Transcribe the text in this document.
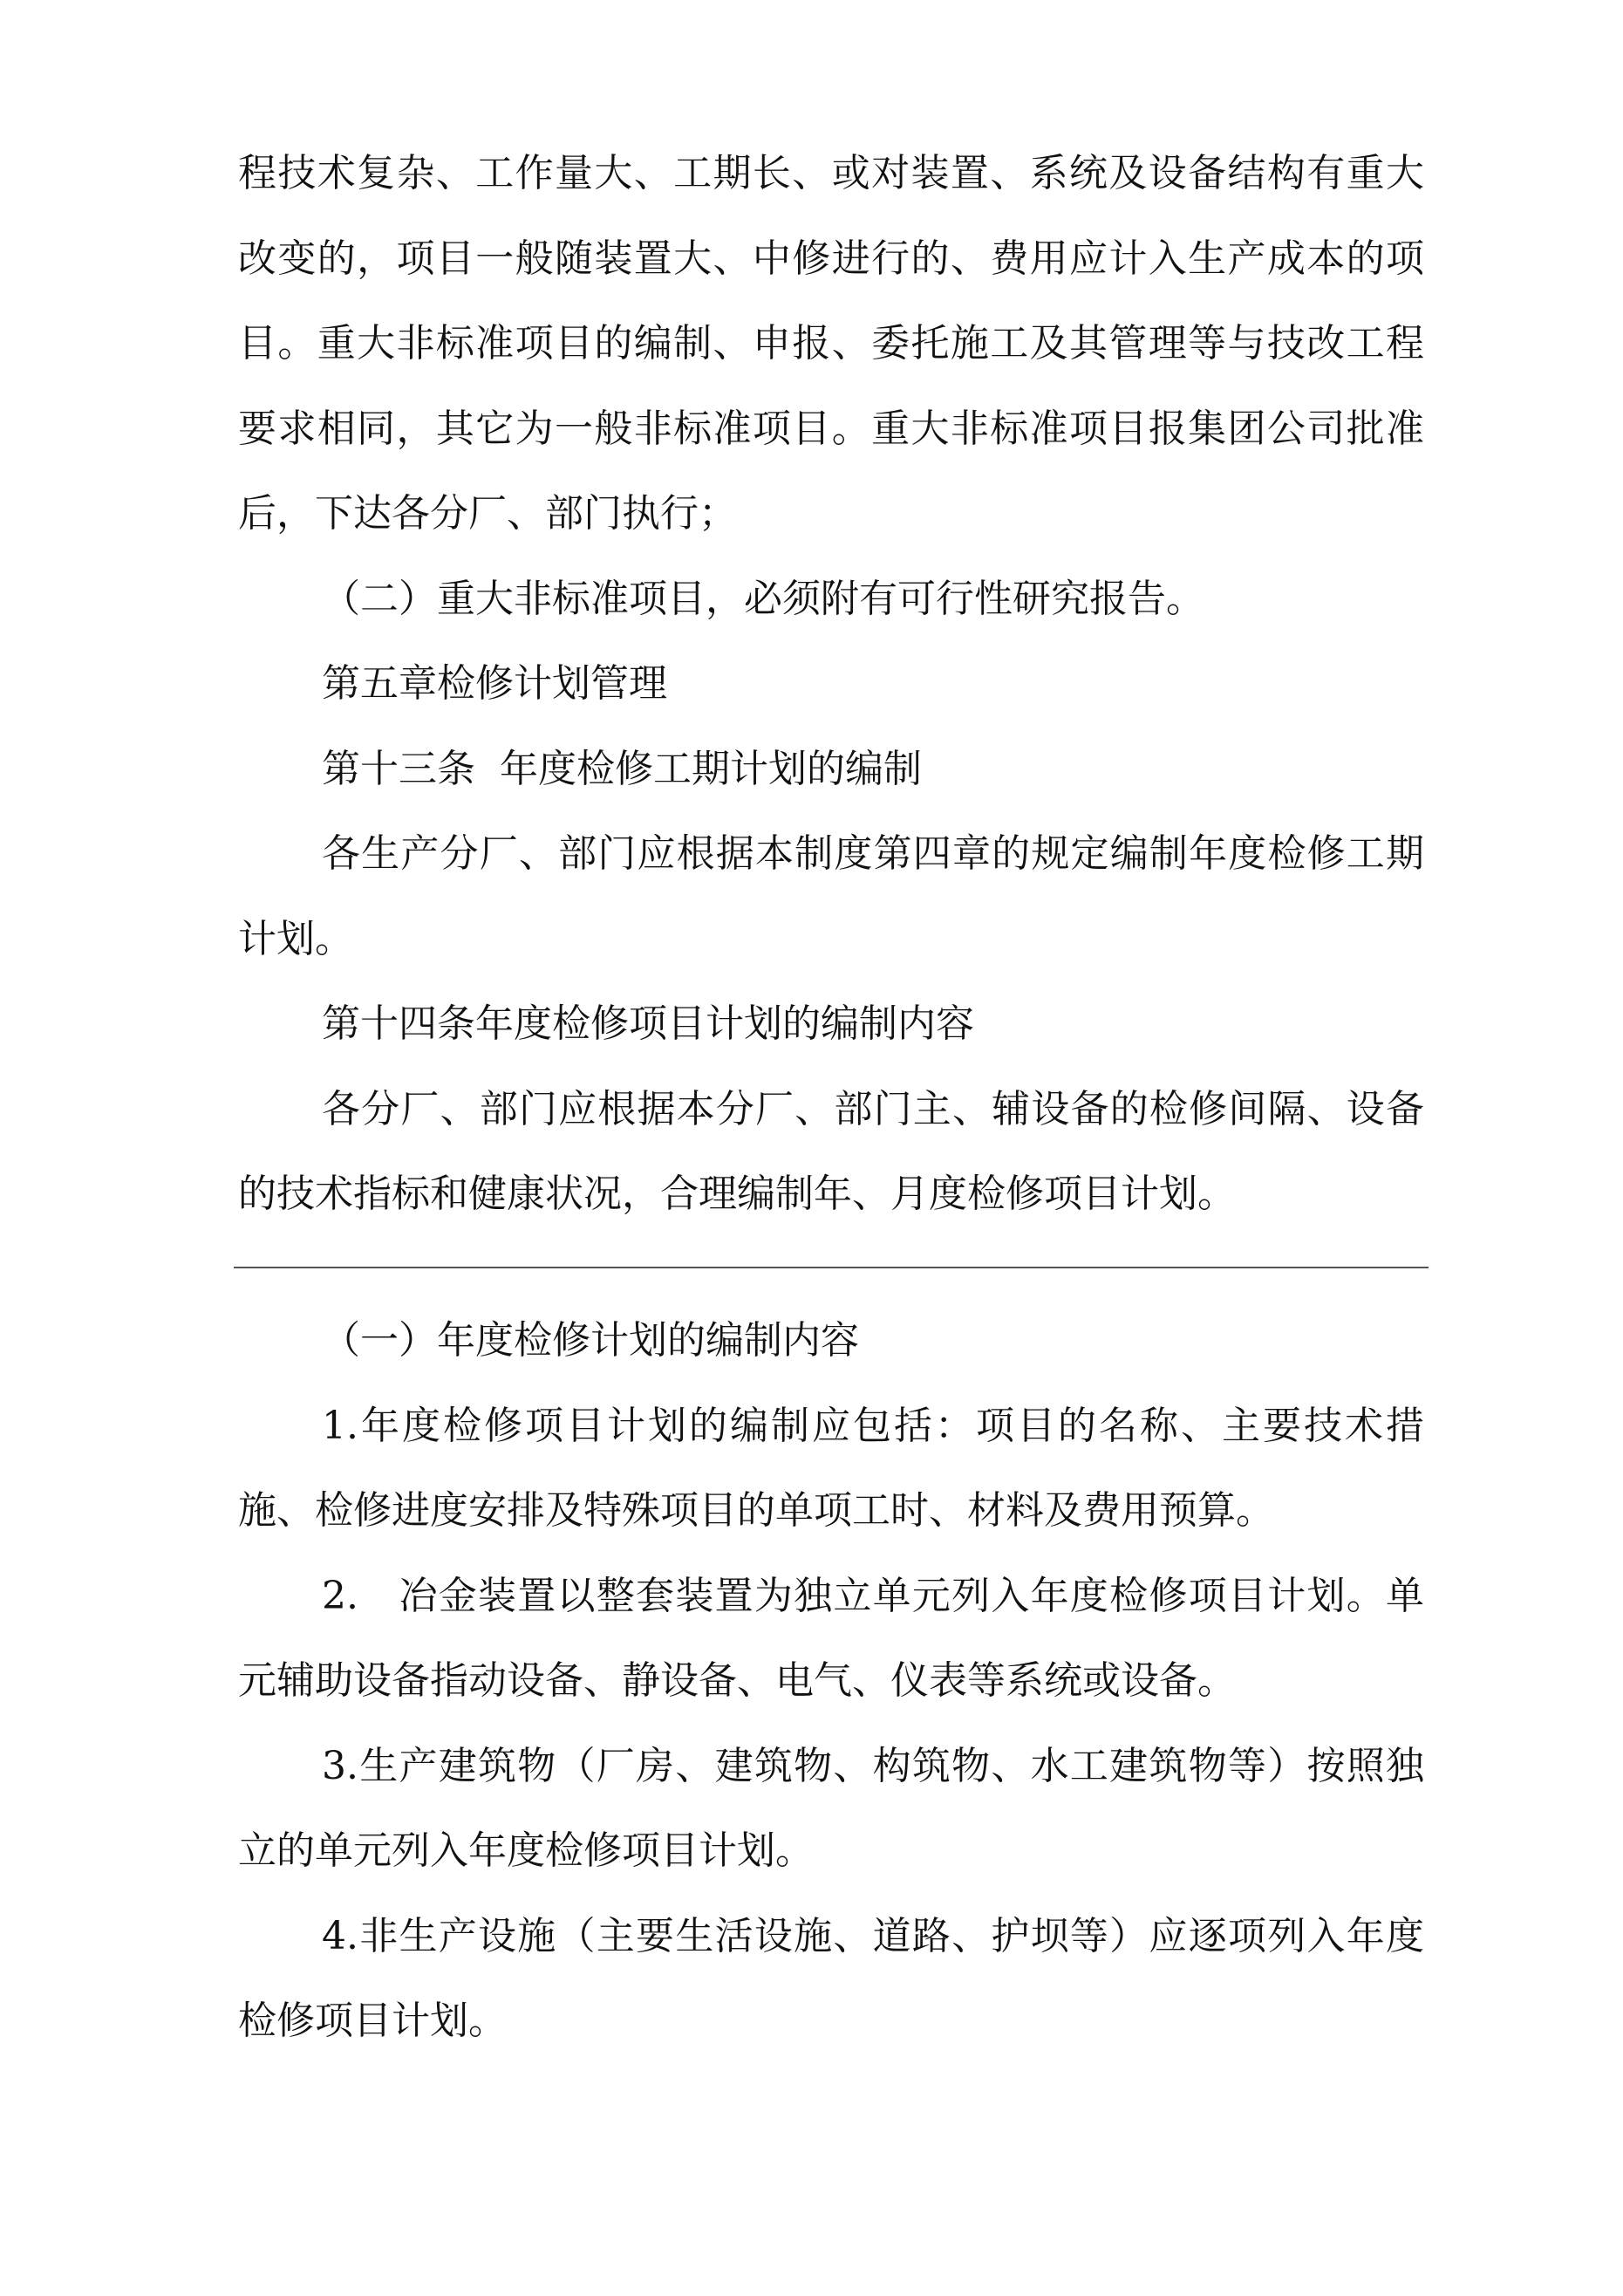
程技术复杂、工作量大、工期长、或对装置、系统及设备结构有重大改变的，项目一般随装置大、中修进行的、费用应计入生产成本的项目。重大非标准项目的编制、申报、委托施工及其管理等与技改工程要求相同，其它为一般非标准项目。重大非标准项目报集团公司批准后，下达各分厂、部门执行；

（二）重大非标准项目，必须附有可行性研究报告。

第五章检修计划管理

第十三条  年度检修工期计划的编制

各生产分厂、部门应根据本制度第四章的规定编制年度检修工期计划。

第十四条年度检修项目计划的编制内容

各分厂、部门应根据本分厂、部门主、辅设备的检修间隔、设备的技术指标和健康状况，合理编制年、月度检修项目计划。

（一）年度检修计划的编制内容

1.年度检修项目计划的编制应包括：项目的名称、主要技术措施、检修进度安排及特殊项目的单项工时、材料及费用预算。

2.　冶金装置以整套装置为独立单元列入年度检修项目计划。单元辅助设备指动设备、静设备、电气、仪表等系统或设备。

3.生产建筑物（厂房、建筑物、构筑物、水工建筑物等）按照独立的单元列入年度检修项目计划。

4.非生产设施（主要生活设施、道路、护坝等）应逐项列入年度检修项目计划。
